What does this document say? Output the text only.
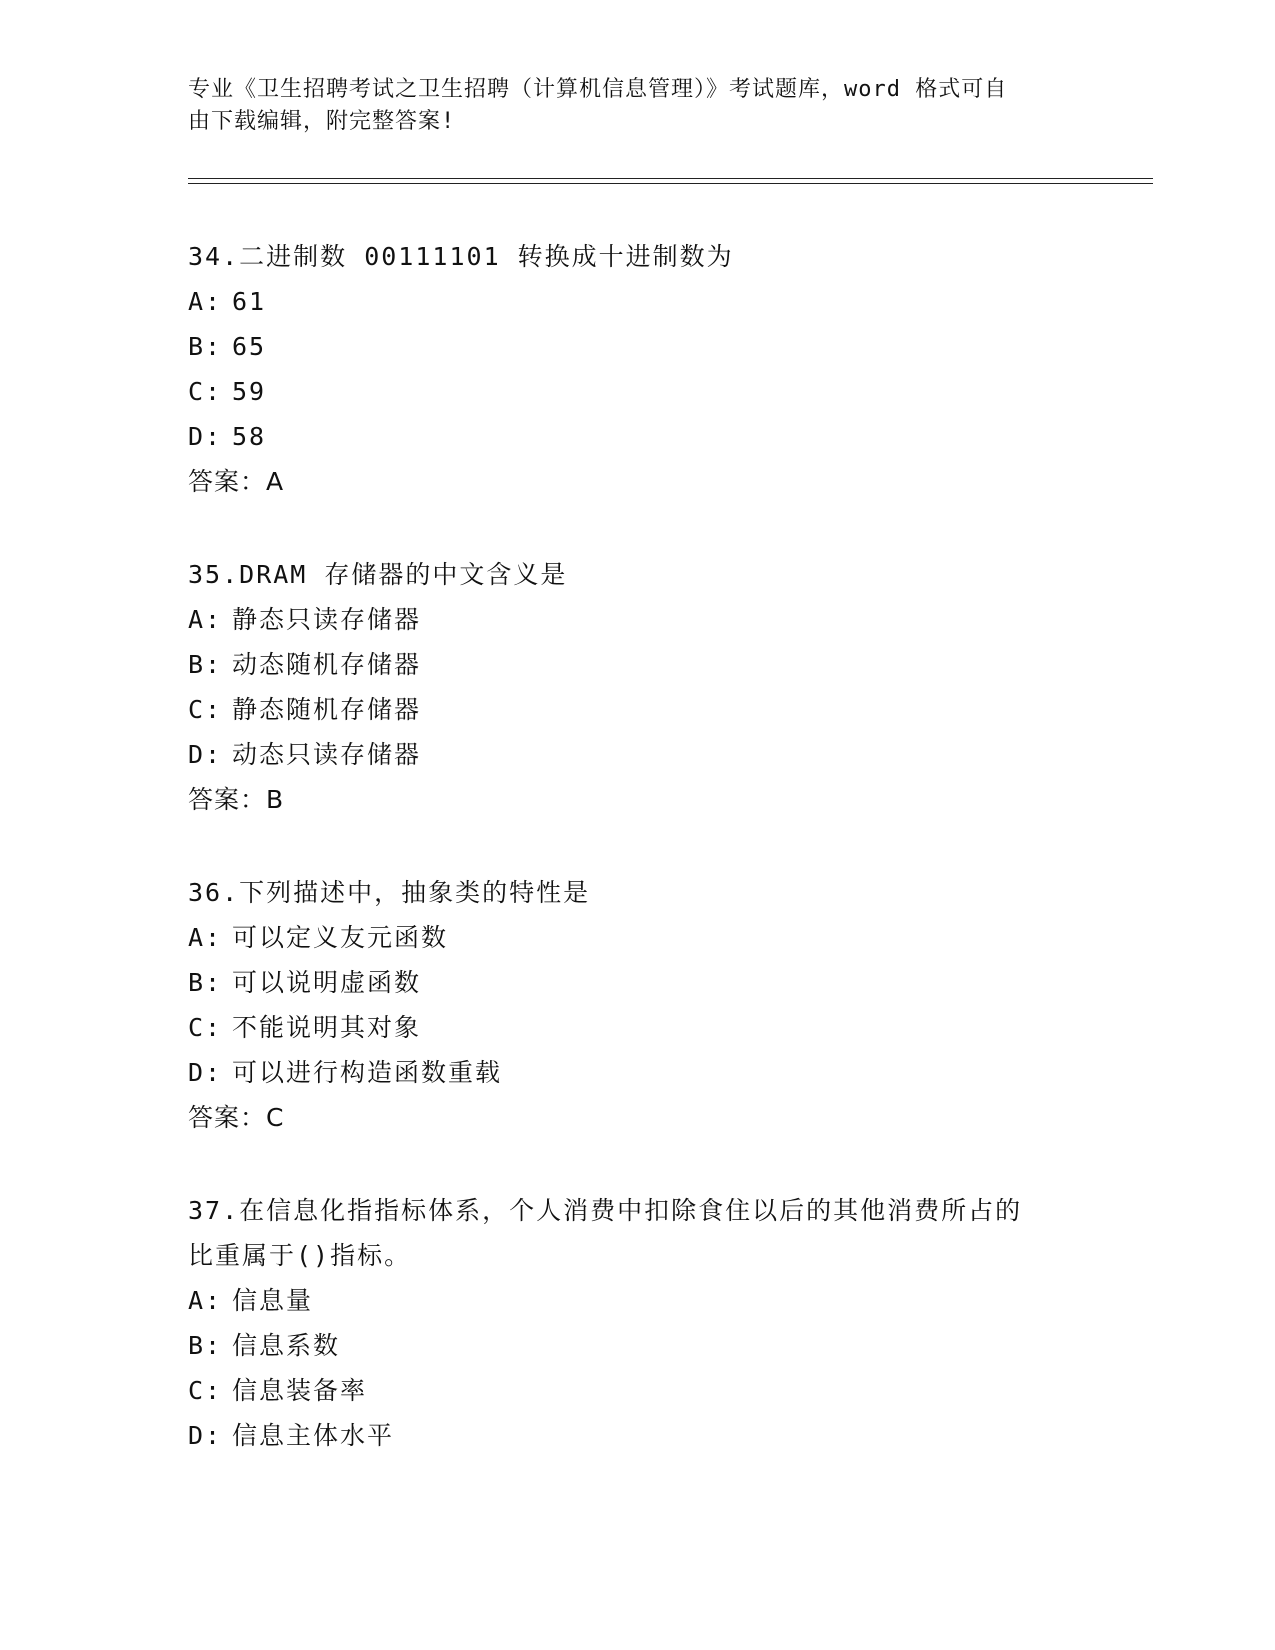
专业《卫生招聘考试之卫生招聘（计算机信息管理）》考试题库，word 格式可自
由下载编辑，附完整答案!
34.二进制数 00111101 转换成十进制数为
A: 61
B: 65
C: 59
D: 58
答案：A
35.DRAM 存储器的中文含义是
A: 静态只读存储器
B: 动态随机存储器
C: 静态随机存储器
D: 动态只读存储器
答案：B
36.下列描述中，抽象类的特性是
A: 可以定义友元函数
B: 可以说明虚函数
C: 不能说明其对象
D: 可以进行构造函数重载
答案：C
37.在信息化指指标体系，个人消费中扣除食住以后的其他消费所占的
比重属于()指标。
A: 信息量
B: 信息系数
C: 信息装备率
D: 信息主体水平
